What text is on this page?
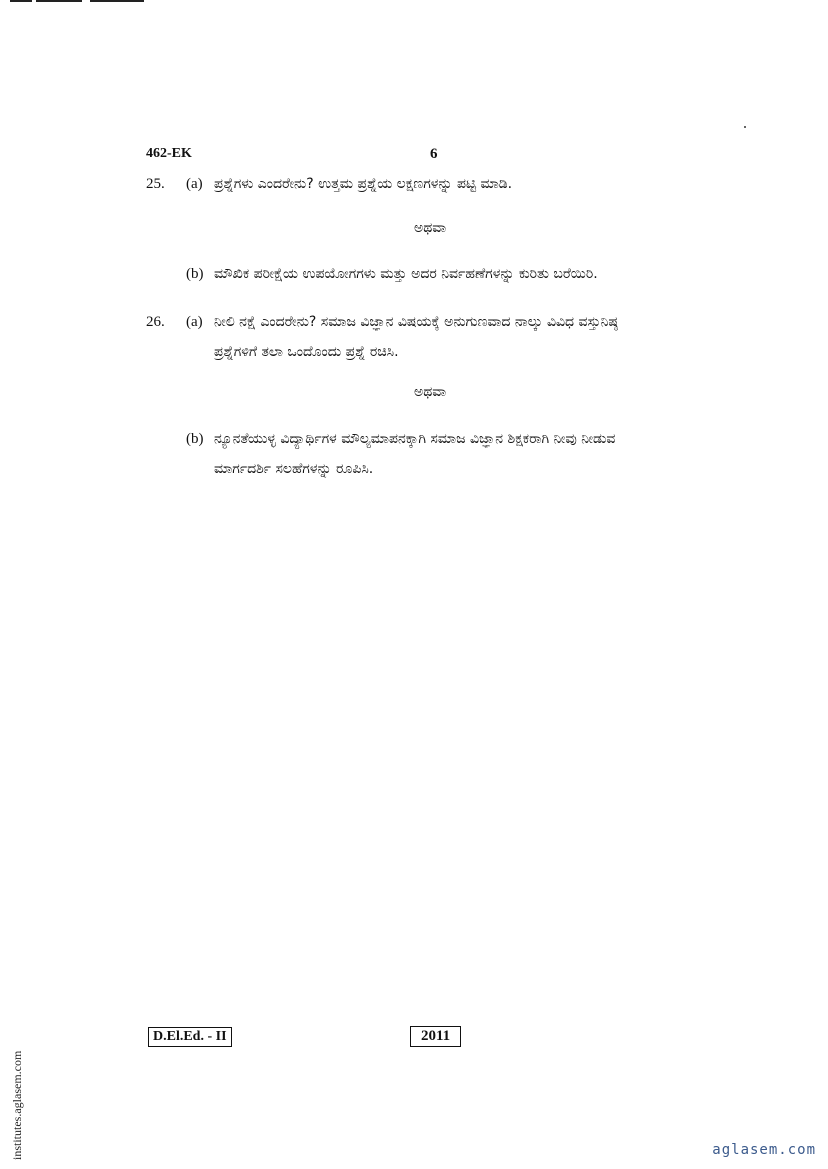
462-EK	6
25. (a) ಪ್ರಶ್ನೆಗಳು ಎಂದರೇನು? ಉತ್ತಮ ಪ್ರಶ್ನೆಯ ಲಕ್ಷಣಗಳನ್ನು ಪಟ್ಟಿ ಮಾಡಿ.
ಅಥವಾ
(b) ಮೌಖಿಕ ಪರೀಕ್ಷೆಯ ಉಪಯೋಗಗಳು ಮತ್ತು ಅದರ ನಿರ್ವಹಣೆಗಳನ್ನು ಕುರಿತು ಬರೆಯಿರಿ.
26. (a) ನೀಲಿ ನಕ್ಷೆ ಎಂದರೇನು? ಸಮಾಜ ವಿಜ್ಞಾನ ವಿಷಯಕ್ಕೆ ಅನುಗುಣವಾದ ನಾಲ್ಕು ವಿವಿಧ ವಸ್ತುನಿಷ್ಠ
ಪ್ರಶ್ನೆಗಳಿಗೆ ತಲಾ ಒಂದೊಂದು ಪ್ರಶ್ನೆ ರಚಿಸಿ.
ಅಥವಾ
(b) ನ್ಯೂನತೆಯುಳ್ಳ ವಿದ್ಯಾರ್ಥಿಗಳ ಮೌಲ್ಯಮಾಪನಕ್ಕಾಗಿ ಸಮಾಜ ವಿಜ್ಞಾನ ಶಿಕ್ಷಕರಾಗಿ ನೀವು ನೀಡುವ
ಮಾರ್ಗದರ್ಶಿ ಸಲಹೆಗಳನ್ನು ರೂಪಿಸಿ.
D.El.Ed. - II	2011
institutes.aglasem.com	aglasem.com
